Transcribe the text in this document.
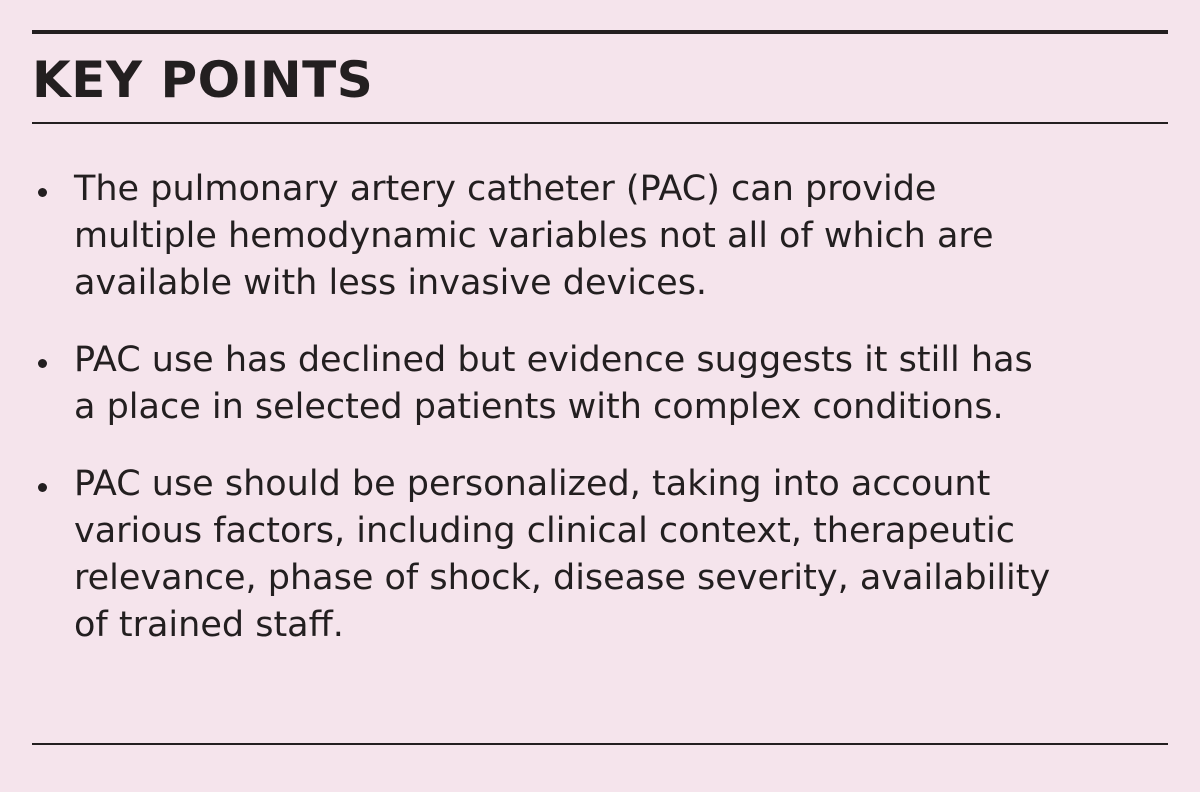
KEY POINTS
The pulmonary artery catheter (PAC) can provide
multiple hemodynamic variables not all of which are
available with less invasive devices.
PAC use has declined but evidence suggests it still has
a place in selected patients with complex conditions.
PAC use should be personalized, taking into account
various factors, including clinical context, therapeutic
relevance, phase of shock, disease severity, availability
of trained staff.
